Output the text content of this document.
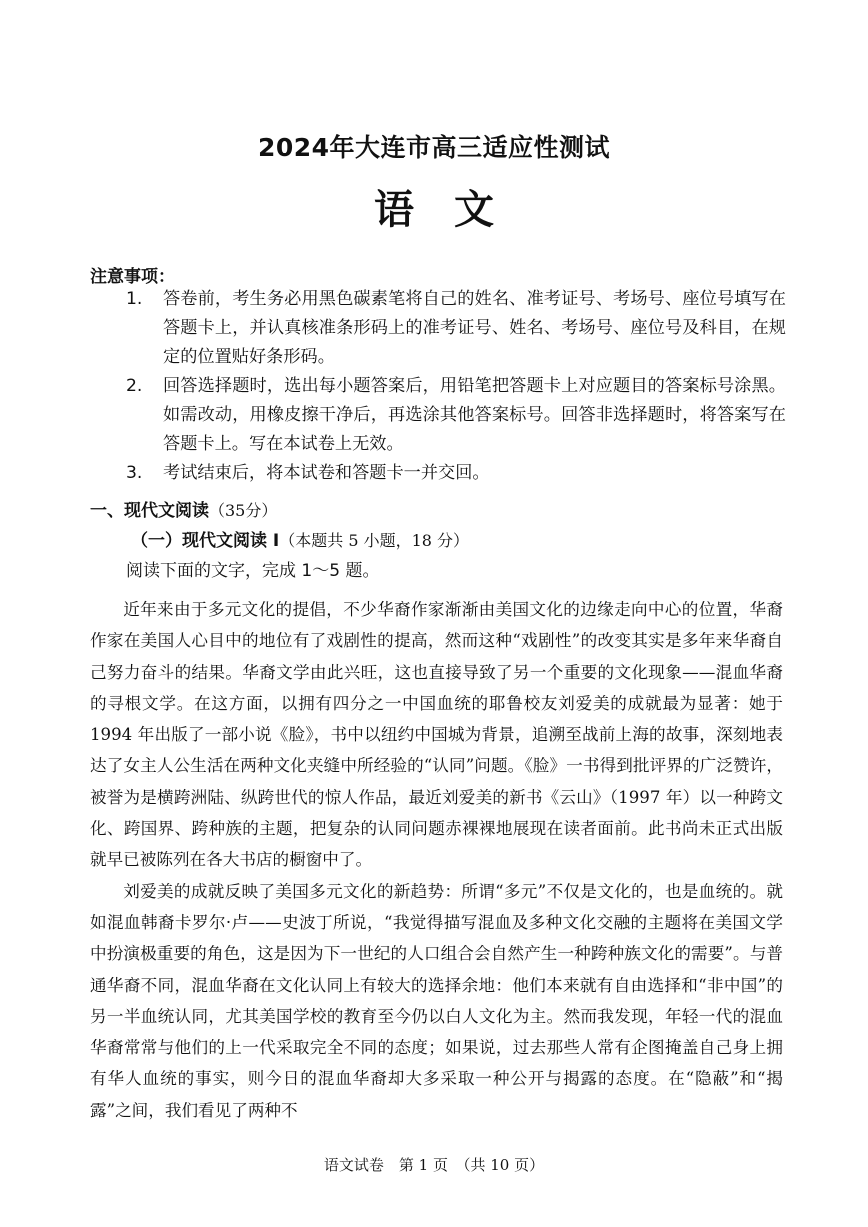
2024年大连市高三适应性测试
语　文
注意事项：
1. 答卷前，考生务必用黑色碳素笔将自己的姓名、准考证号、考场号、座位号填写在答题卡上，并认真核准条形码上的准考证号、姓名、考场号、座位号及科目，在规定的位置贴好条形码。
2. 回答选择题时，选出每小题答案后，用铅笔把答题卡上对应题目的答案标号涂黑。如需改动，用橡皮擦干净后，再选涂其他答案标号。回答非选择题时，将答案写在答题卡上。写在本试卷上无效。
3. 考试结束后，将本试卷和答题卡一并交回。
一、现代文阅读（35分）
（一）现代文阅读 I（本题共 5 小题，18 分）
阅读下面的文字，完成 1～5 题。

近年来由于多元文化的提倡，不少华裔作家渐渐由美国文化的边缘走向中心的位置，华裔作家在美国人心目中的地位有了戏剧性的提高，然而这种“戏剧性”的改变其实是多年来华裔自己努力奋斗的结果。华裔文学由此兴旺，这也直接导致了另一个重要的文化现象——混血华裔的寻根文学。在这方面，以拥有四分之一中国血统的耶鲁校友刘爱美的成就最为显著：她于 1994 年出版了一部小说《脸》，书中以纽约中国城为背景，追溯至战前上海的故事，深刻地表达了女主人公生活在两种文化夹缝中所经验的“认同”问题。《脸》一书得到批评界的广泛赞许，被誉为是横跨洲陆、纵跨世代的惊人作品，最近刘爱美的新书《云山》（1997 年）以一种跨文化、跨国界、跨种族的主题，把复杂的认同问题赤裸裸地展现在读者面前。此书尚未正式出版就早已被陈列在各大书店的橱窗中了。

刘爱美的成就反映了美国多元文化的新趋势：所谓“多元”不仅是文化的，也是血统的。就如混血韩裔卡罗尔·卢——史波丁所说，“我觉得描写混血及多种文化交融的主题将在美国文学中扮演极重要的角色，这是因为下一世纪的人口组合会自然产生一种跨种族文化的需要”。与普通华裔不同，混血华裔在文化认同上有较大的选择余地：他们本来就有自由选择和“非中国”的另一半血统认同，尤其美国学校的教育至今仍以白人文化为主。然而我发现，年轻一代的混血华裔常常与他们的上一代采取完全不同的态度；如果说，过去那些人常有企图掩盖自己身上拥有华人血统的事实，则今日的混血华裔却大多采取一种公开与揭露的态度。在“隐蔽”和“揭露”之间，我们看见了两种不

语文试卷　第 1 页　（共 10 页）
